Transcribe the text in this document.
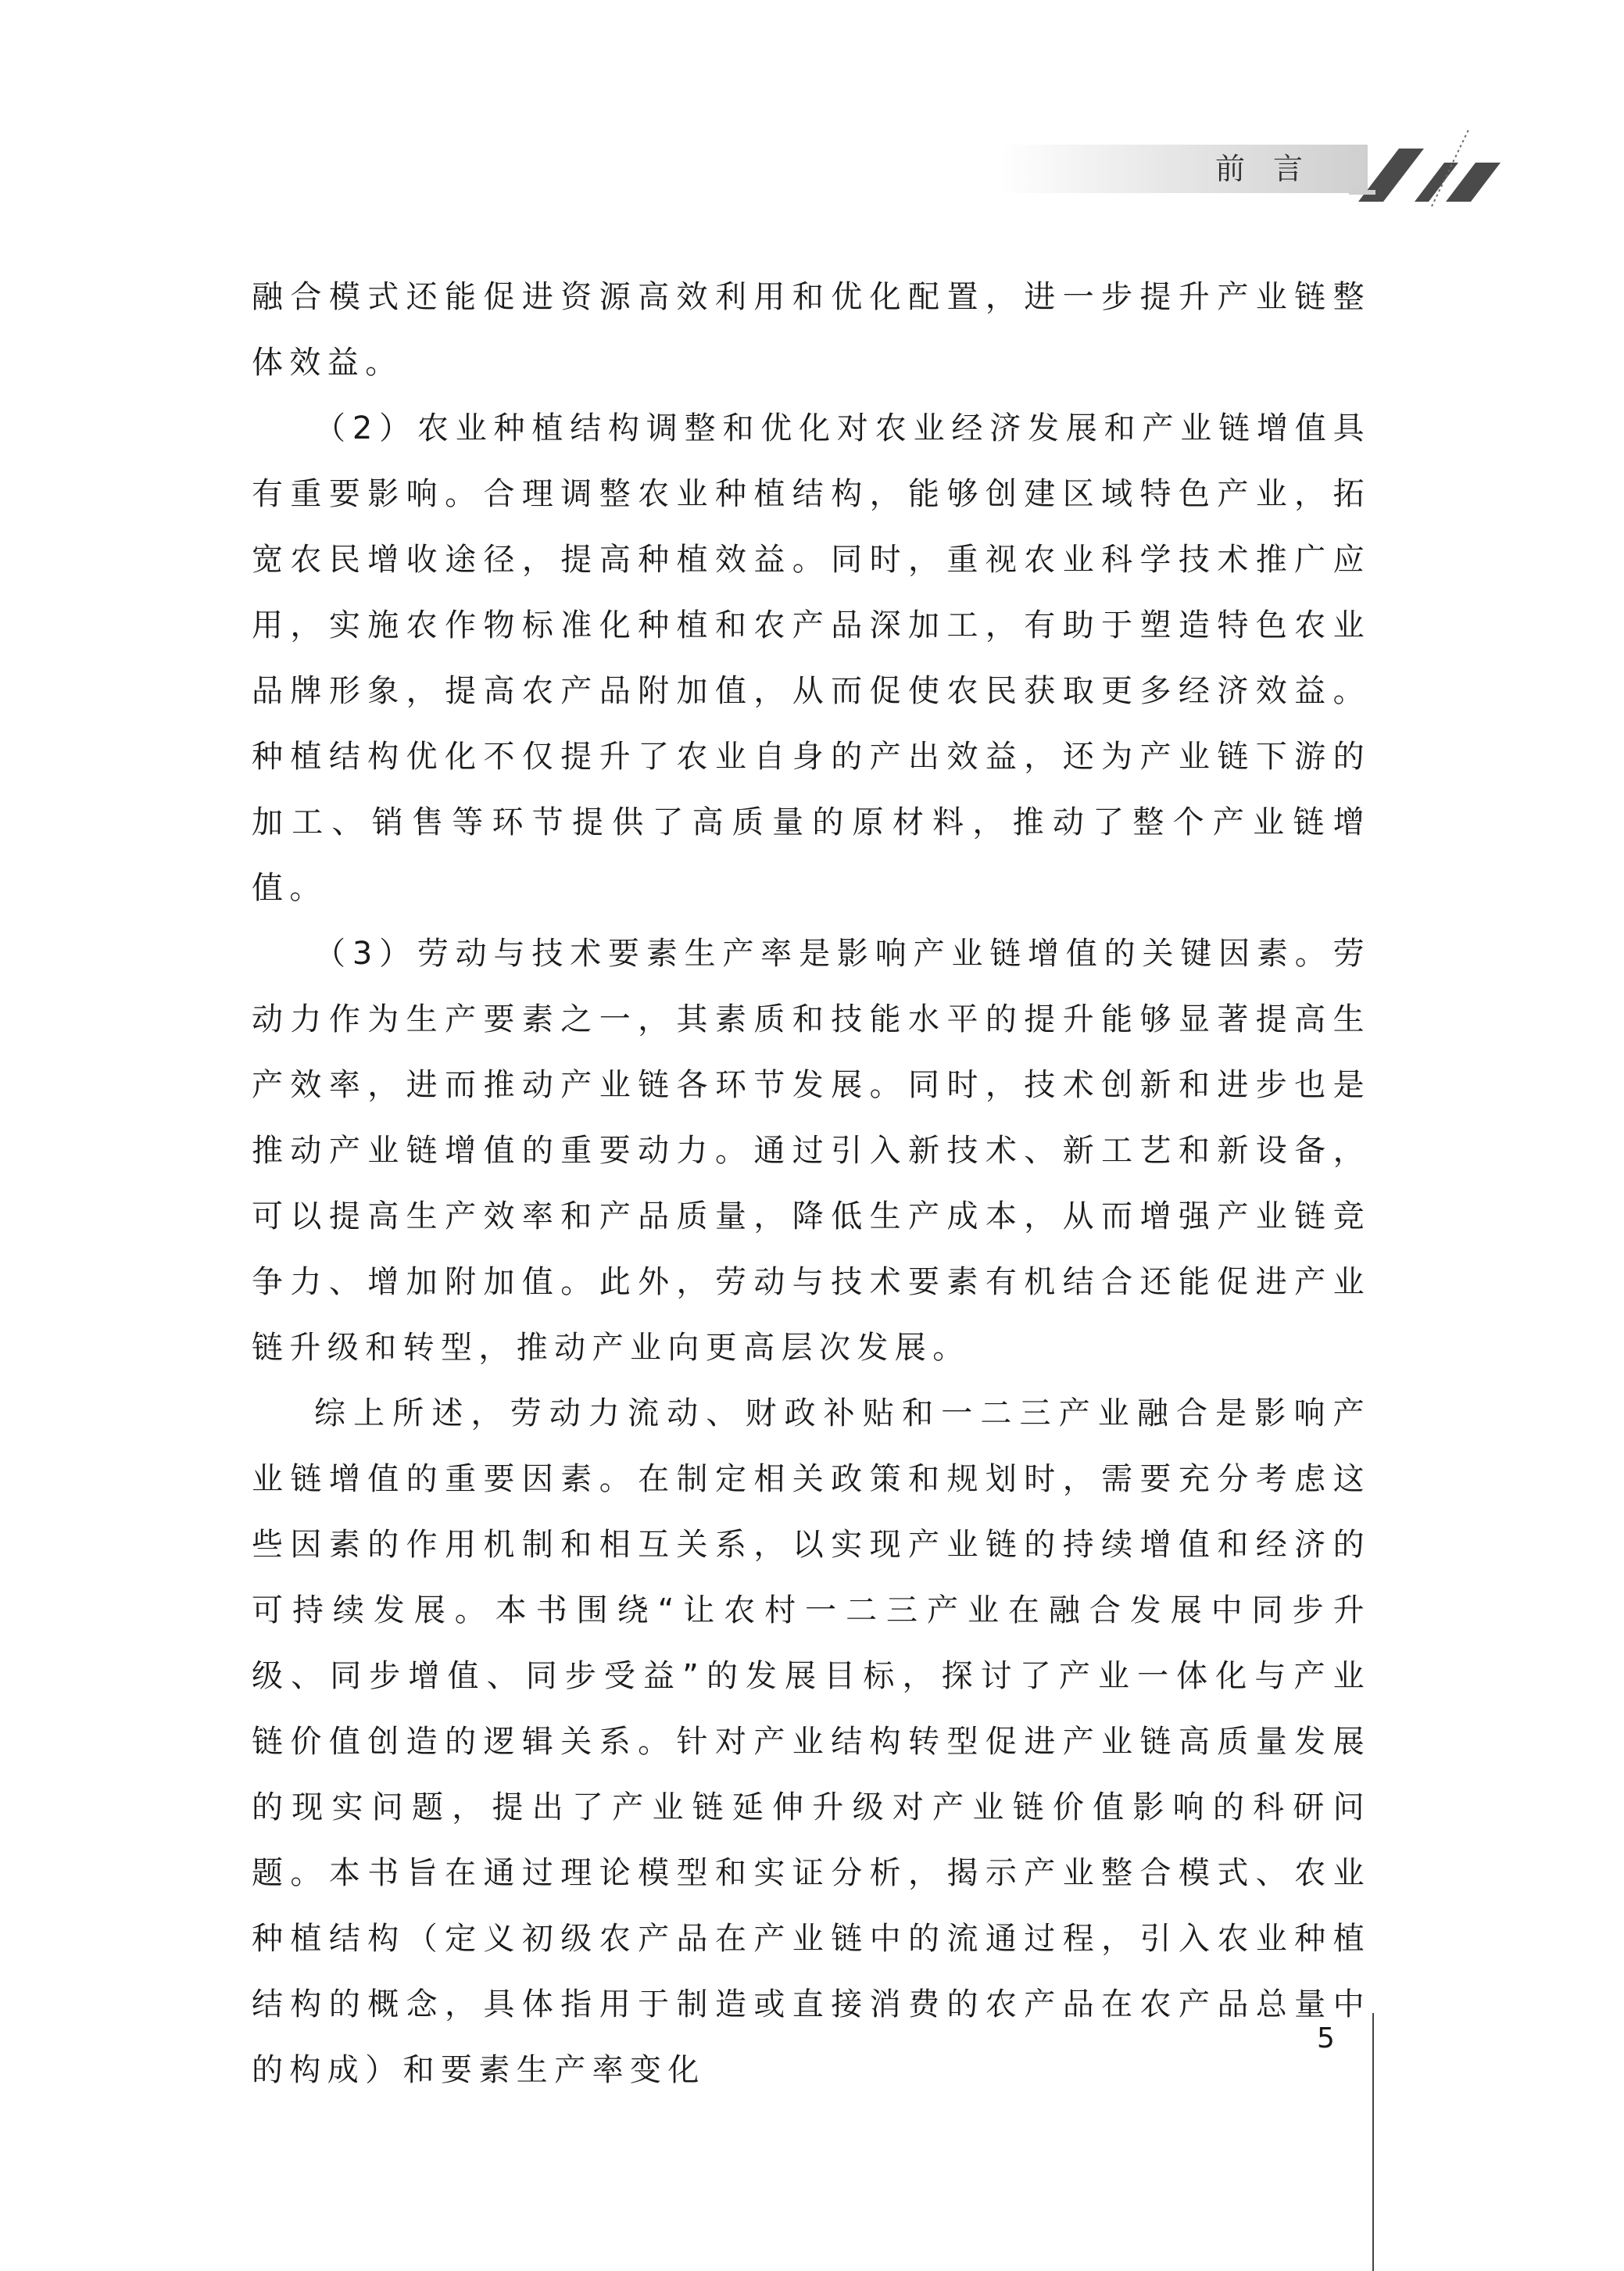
前言

融合模式还能促进资源高效利用和优化配置，进一步提升产业链整体效益。

（2）农业种植结构调整和优化对农业经济发展和产业链增值具有重要影响。合理调整农业种植结构，能够创建区域特色产业，拓宽农民增收途径，提高种植效益。同时，重视农业科学技术推广应用，实施农作物标准化种植和农产品深加工，有助于塑造特色农业品牌形象，提高农产品附加值，从而促使农民获取更多经济效益。种植结构优化不仅提升了农业自身的产出效益，还为产业链下游的加工、销售等环节提供了高质量的原材料，推动了整个产业链增值。

（3）劳动与技术要素生产率是影响产业链增值的关键因素。劳动力作为生产要素之一，其素质和技能水平的提升能够显著提高生产效率，进而推动产业链各环节发展。同时，技术创新和进步也是推动产业链增值的重要动力。通过引入新技术、新工艺和新设备，可以提高生产效率和产品质量，降低生产成本，从而增强产业链竞争力、增加附加值。此外，劳动与技术要素有机结合还能促进产业链升级和转型，推动产业向更高层次发展。

综上所述，劳动力流动、财政补贴和一二三产业融合是影响产业链增值的重要因素。在制定相关政策和规划时，需要充分考虑这些因素的作用机制和相互关系，以实现产业链的持续增值和经济的可持续发展。本书围绕“让农村一二三产业在融合发展中同步升级、同步增值、同步受益”的发展目标，探讨了产业一体化与产业链价值创造的逻辑关系。针对产业结构转型促进产业链高质量发展的现实问题，提出了产业链延伸升级对产业链价值影响的科研问题。本书旨在通过理论模型和实证分析，揭示产业整合模式、农业种植结构（定义初级农产品在产业链中的流通过程，引入农业种植结构的概念，具体指用于制造或直接消费的农产品在农产品总量中的构成）和要素生产率变化

5
